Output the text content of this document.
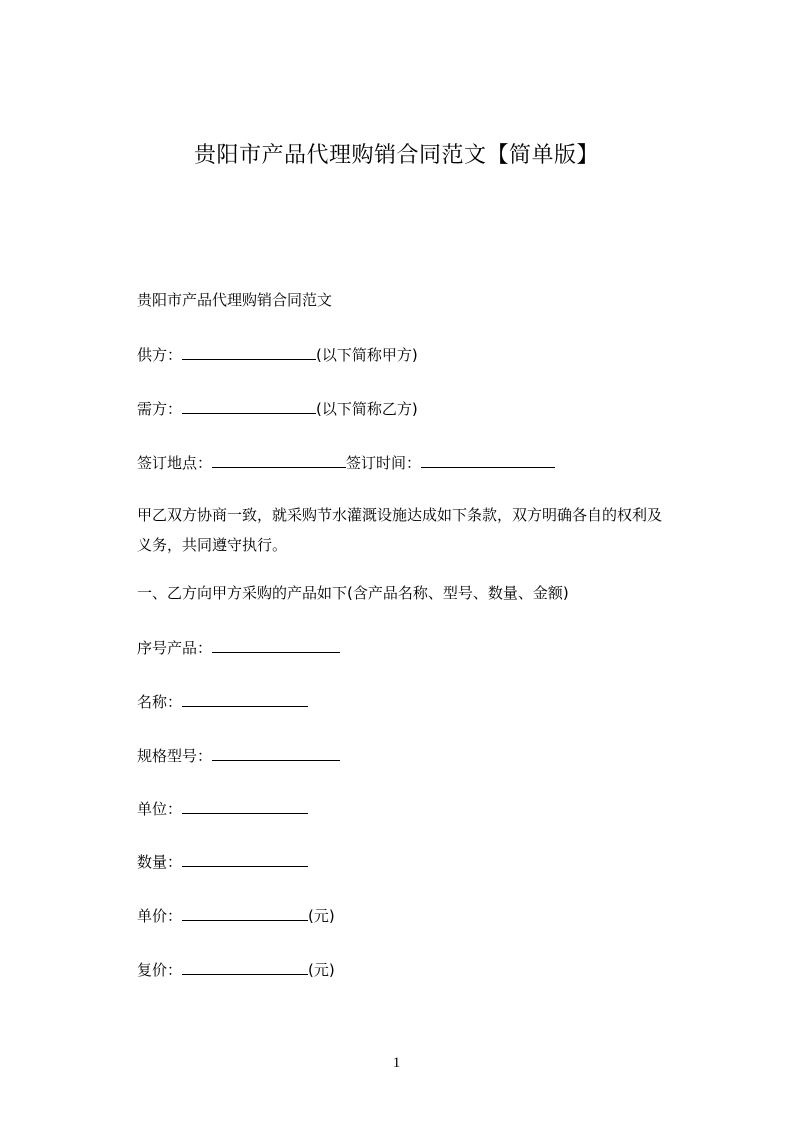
贵阳市产品代理购销合同范文【简单版】
贵阳市产品代理购销合同范文
供方：	(以下简称甲方)
需方：	(以下简称乙方)
签订地点：	签订时间：
甲乙双方协商一致，就采购节水灌溉设施达成如下条款，双方明确各自的权利及
义务，共同遵守执行。
一、乙方向甲方采购的产品如下(含产品名称、型号、数量、金额)
序号产品：
名称：
规格型号：
单位：
数量：
单价：	(元)
复价：	(元)
1
